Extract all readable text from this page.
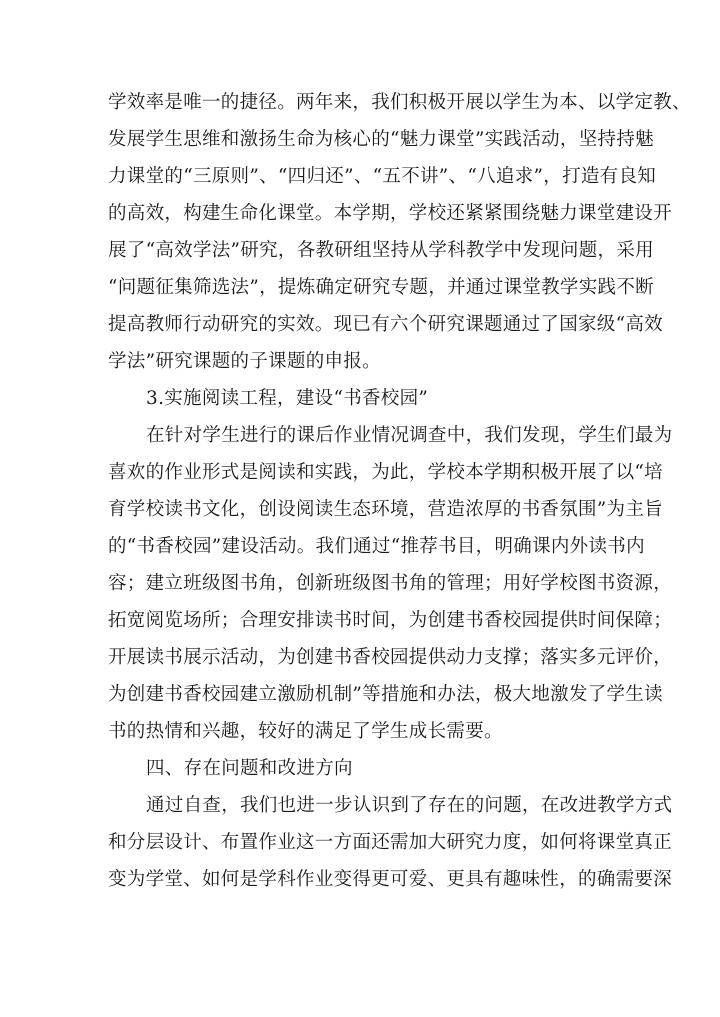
学效率是唯一的捷径。两年来，我们积极开展以学生为本、以学定教、
发展学生思维和激扬生命为核心的“魅力课堂”实践活动，坚持持魅
力课堂的“三原则”、“四归还”、“五不讲”、“八追求”，打造有良知
的高效，构建生命化课堂。本学期，学校还紧紧围绕魅力课堂建设开
展了“高效学法”研究，各教研组坚持从学科教学中发现问题，采用
“问题征集筛选法”，提炼确定研究专题，并通过课堂教学实践不断
提高教师行动研究的实效。现已有六个研究课题通过了国家级“高效
学法”研究课题的子课题的申报。
3.实施阅读工程，建设“书香校园”
在针对学生进行的课后作业情况调查中，我们发现，学生们最为
喜欢的作业形式是阅读和实践，为此，学校本学期积极开展了以“培
育学校读书文化，创设阅读生态环境，营造浓厚的书香氛围”为主旨
的“书香校园”建设活动。我们通过“推荐书目，明确课内外读书内
容；建立班级图书角，创新班级图书角的管理；用好学校图书资源，
拓宽阅览场所；合理安排读书时间，为创建书香校园提供时间保障；
开展读书展示活动，为创建书香校园提供动力支撑；落实多元评价，
为创建书香校园建立激励机制”等措施和办法，极大地激发了学生读
书的热情和兴趣，较好的满足了学生成长需要。
四、存在问题和改进方向
通过自查，我们也进一步认识到了存在的问题，在改进教学方式
和分层设计、布置作业这一方面还需加大研究力度，如何将课堂真正
变为学堂、如何是学科作业变得更可爱、更具有趣味性，的确需要深
